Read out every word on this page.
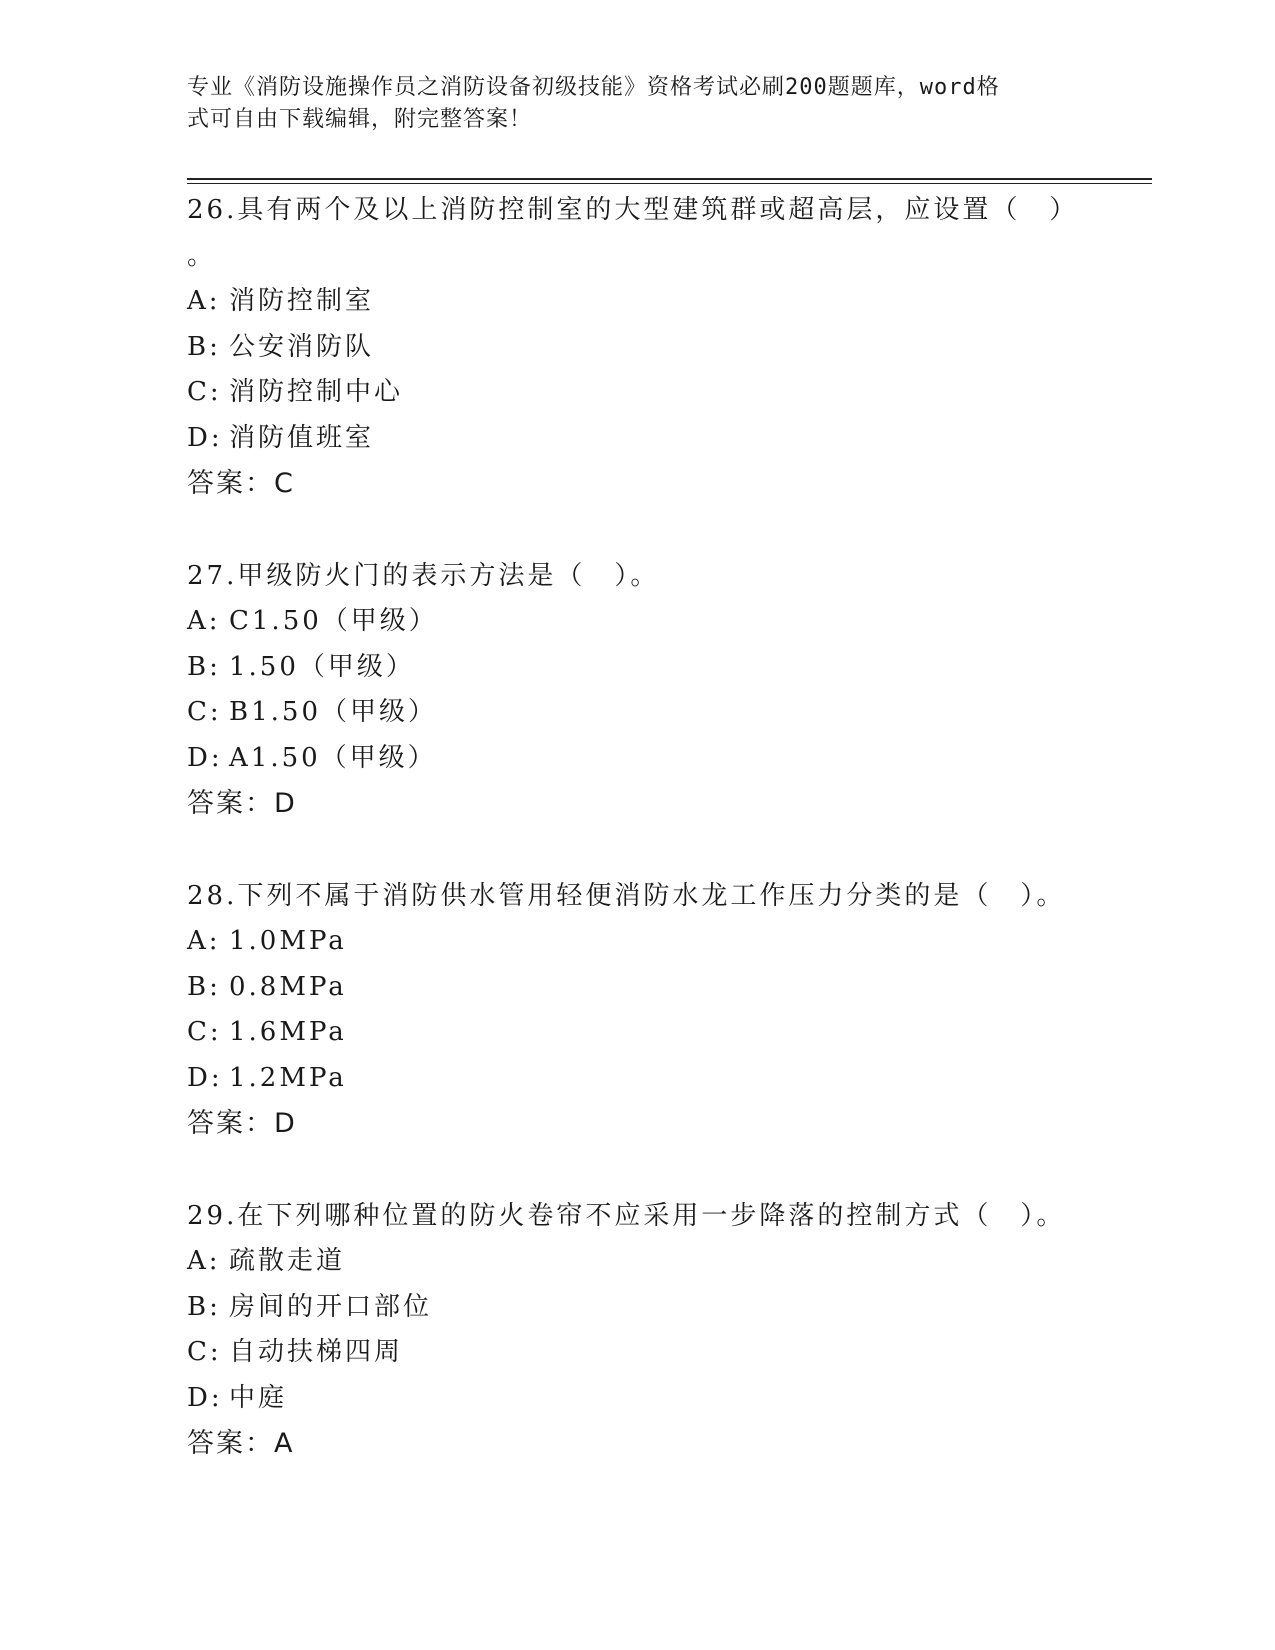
专业《消防设施操作员之消防设备初级技能》资格考试必刷200题题库，word格
式可自由下载编辑，附完整答案！
26.具有两个及以上消防控制室的大型建筑群或超高层，应设置（　）
。
A: 消防控制室
B: 公安消防队
C: 消防控制中心
D: 消防值班室
答案：C
27.甲级防火门的表示方法是（　）。
A: C1.50（甲级）
B: 1.50（甲级）
C: B1.50（甲级）
D: A1.50（甲级）
答案：D
28.下列不属于消防供水管用轻便消防水龙工作压力分类的是（　）。
A: 1.0MPa
B: 0.8MPa
C: 1.6MPa
D: 1.2MPa
答案：D
29.在下列哪种位置的防火卷帘不应采用一步降落的控制方式（　）。
A: 疏散走道
B: 房间的开口部位
C: 自动扶梯四周
D: 中庭
答案：A
